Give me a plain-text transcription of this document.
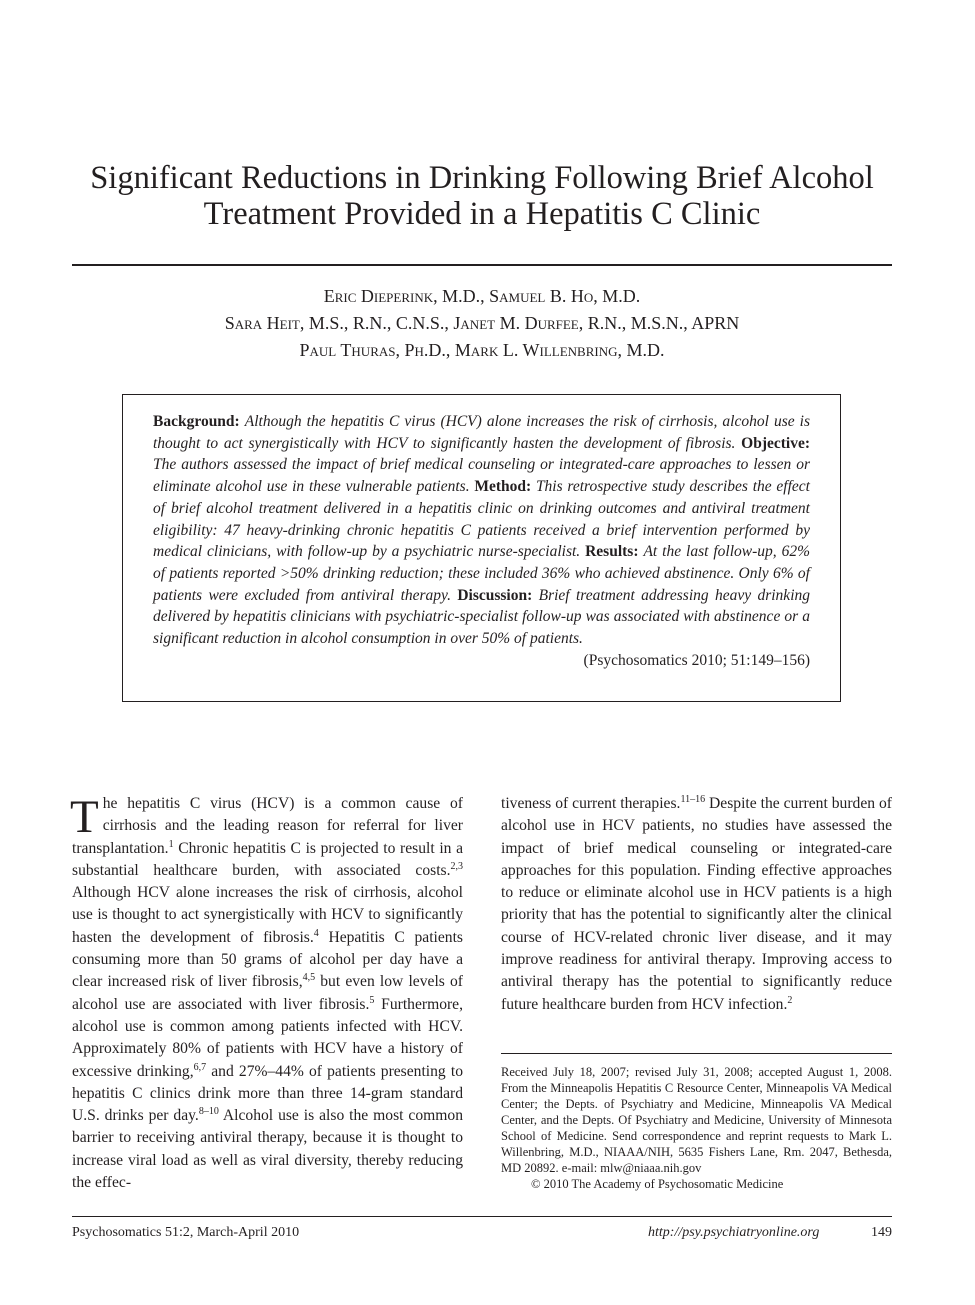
Significant Reductions in Drinking Following Brief Alcohol
Treatment Provided in a Hepatitis C Clinic
Eric Dieperink, M.D., Samuel B. Ho, M.D.
Sara Heit, M.S., R.N., C.N.S., Janet M. Durfee, R.N., M.S.N., APRN
Paul Thuras, Ph.D., Mark L. Willenbring, M.D.
Background: Although the hepatitis C virus (HCV) alone increases the risk of cirrhosis, alcohol use is thought to act synergistically with HCV to significantly hasten the development of fibrosis. Objective: The authors assessed the impact of brief medical counseling or integrated-care approaches to lessen or eliminate alcohol use in these vulnerable patients. Method: This retrospective study describes the effect of brief alcohol treatment delivered in a hepatitis clinic on drinking outcomes and antiviral treatment eligibility: 47 heavy-drinking chronic hepatitis C patients received a brief intervention performed by medical clinicians, with follow-up by a psychiatric nurse-specialist. Results: At the last follow-up, 62% of patients reported >50% drinking reduction; these included 36% who achieved abstinence. Only 6% of patients were excluded from antiviral therapy. Discussion: Brief treatment addressing heavy drinking delivered by hepatitis clinicians with psychiatric-specialist follow-up was associated with abstinence or a significant reduction in alcohol consumption in over 50% of patients.
(Psychosomatics 2010; 51:149–156)

The hepatitis C virus (HCV) is a common cause of cirrhosis and the leading reason for referral for liver transplantation.$^1$ Chronic hepatitis C is projected to result in a substantial healthcare burden, with associated costs.$^{2,3}$ Although HCV alone increases the risk of cirrhosis, alcohol use is thought to act synergistically with HCV to significantly hasten the development of fibrosis.$^4$ Hepatitis C patients consuming more than 50 grams of alcohol per day have a clear increased risk of liver fibrosis,$^{4,5}$ but even low levels of alcohol use are associated with liver fibrosis.$^5$ Furthermore, alcohol use is common among patients infected with HCV. Approximately 80% of patients with HCV have a history of excessive drinking,$^{6,7}$ and 27%–44% of patients presenting to hepatitis C clinics drink more than three 14-gram standard U.S. drinks per day.$^{8-10}$ Alcohol use is also the most common barrier to receiving antiviral therapy, because it is thought to increase viral load as well as viral diversity, thereby reducing the effec-

tiveness of current therapies.$^{11-16}$ Despite the current burden of alcohol use in HCV patients, no studies have assessed the impact of brief medical counseling or integrated-care approaches for this population. Finding effective approaches to reduce or eliminate alcohol use in HCV patients is a high priority that has the potential to significantly alter the clinical course of HCV-related chronic liver disease, and it may improve readiness for antiviral therapy. Improving access to antiviral therapy has the potential to significantly reduce future healthcare burden from HCV infection.$^2$

Received July 18, 2007; revised July 31, 2008; accepted August 1, 2008. From the Minneapolis Hepatitis C Resource Center, Minneapolis VA Medical Center; the Depts. of Psychiatry and Medicine, Minneapolis VA Medical Center, and the Depts. Of Psychiatry and Medicine, University of Minnesota School of Medicine. Send correspondence and reprint requests to Mark L. Willenbring, M.D., NIAAA/NIH, 5635 Fishers Lane, Rm. 2047, Bethesda, MD 20892. e-mail: mlw@niaaa.nih.gov

© 2010 The Academy of Psychosomatic Medicine

Psychosomatics 51:2, March-April 2010	http://psy.psychiatryonline.org	149
